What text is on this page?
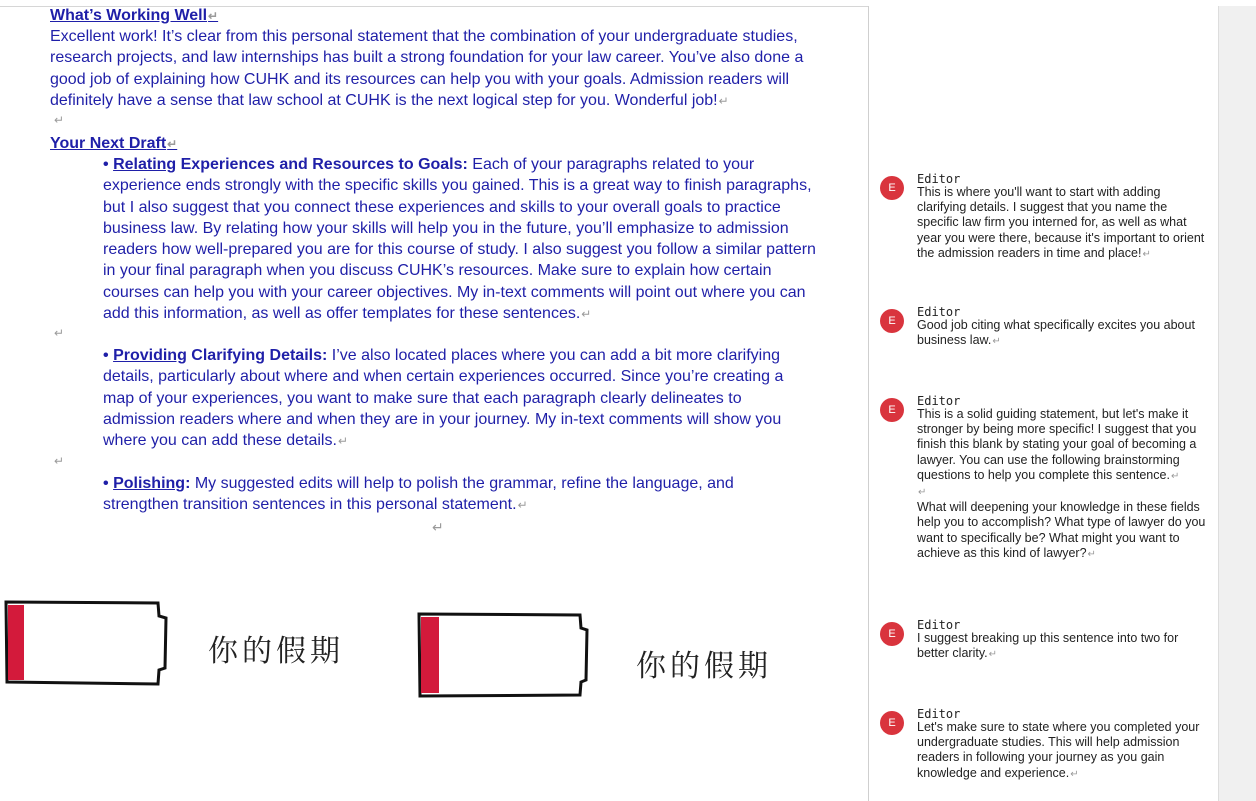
What’s Working Well↵
Excellent work! It’s clear from this personal statement that the combination of your undergraduate studies, research projects, and law internships has built a strong foundation for your law career. You’ve also done a good job of explaining how CUHK and its resources can help you with your goals. Admission readers will definitely have a sense that law school at CUHK is the next logical step for you. Wonderful job!↵
↵
Your Next Draft↵
• Relating Experiences and Resources to Goals: Each of your paragraphs related to your experience ends strongly with the specific skills you gained. This is a great way to finish paragraphs, but I also suggest that you connect these experiences and skills to your overall goals to practice business law. By relating how your skills will help you in the future, you’ll emphasize to admission readers how well-prepared you are for this course of study. I also suggest you follow a similar pattern in your final paragraph when you discuss CUHK’s resources. Make sure to explain how certain courses can help you with your career objectives. My in-text comments will point out where you can add this information, as well as offer templates for these sentences.↵
↵
• Providing Clarifying Details: I’ve also located places where you can add a bit more clarifying details, particularly about where and when certain experiences occurred. Since you’re creating a map of your experiences, you want to make sure that each paragraph clearly delineates to admission readers where and when they are in your journey. My in-text comments will show you where you can add these details.↵
↵
• Polishing: My suggested edits will help to polish the grammar, refine the language, and strengthen transition sentences in this personal statement.↵
↵
你的假期	你的假期
E
Editor
This is where you'll want to start with adding clarifying details. I suggest that you name the specific law firm you interned for, as well as what year you were there, because it's important to orient the admission readers in time and place!↵
E
Editor
Good job citing what specifically excites you about business law.↵
E
Editor
This is a solid guiding statement, but let's make it stronger by being more specific! I suggest that you finish this blank by stating your goal of becoming a lawyer. You can use the following brainstorming questions to help you complete this sentence.↵
↵
What will deepening your knowledge in these fields help you to accomplish? What type of lawyer do you want to specifically be? What might you want to achieve as this kind of lawyer?↵
E
Editor
I suggest breaking up this sentence into two for better clarity.↵
E
Editor
Let's make sure to state where you completed your undergraduate studies. This will help admission readers in following your journey as you gain knowledge and experience.↵
